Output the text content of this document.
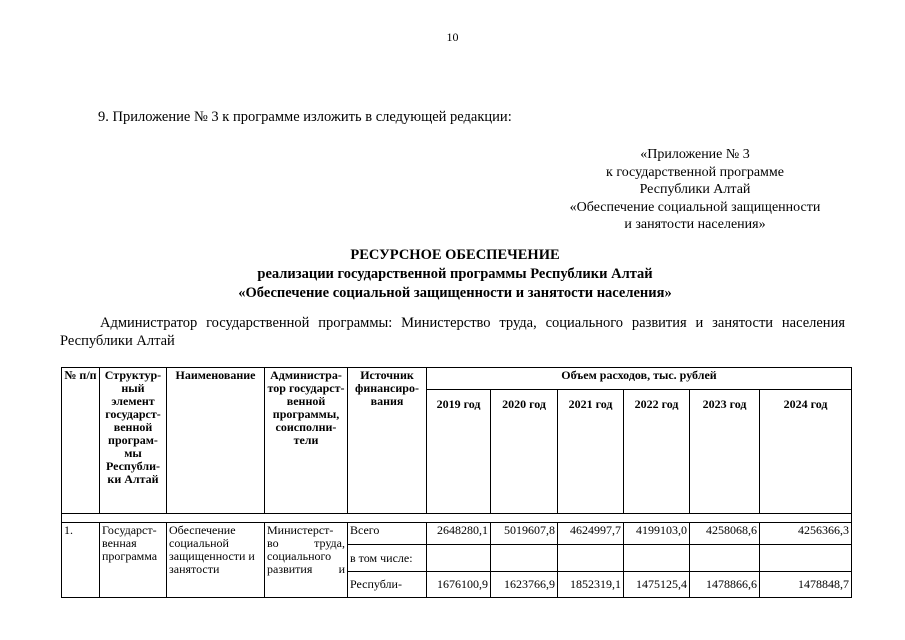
10
9. Приложение № 3 к программе изложить в следующей редакции:
«Приложение № 3
к государственной программе
Республики Алтай
«Обеспечение социальной защищенности
и занятости населения»
РЕСУРСНОЕ ОБЕСПЕЧЕНИЕ
реализации государственной программы Республики Алтай
«Обеспечение социальной защищенности и занятости населения»
Администратор государственной программы: Министерство труда, социального развития и занятости населения Республики Алтай
№ п/п	Структур-ный элемент государст-венной програм-мы Республи-ки Алтай	Наименование	Администра-тор государст-венной программы, соисполни-тели	Источник финансиро-вания	Объем расходов, тыс. рублей					
					2019 год	2020 год	2021 год	2022 год	2023 год	2024 год

1.	Государст-венная программа	Обеспечение социальной защищенности и занятости	Министерст-
во труда,
социального
развития и	Всего	2648280,1	5019607,8	4624997,7	4199103,0	4258068,6	4256366,3
				в том числе:						
				Республи-	1676100,9	1623766,9	1852319,1	1475125,4	1478866,6	1478848,7
